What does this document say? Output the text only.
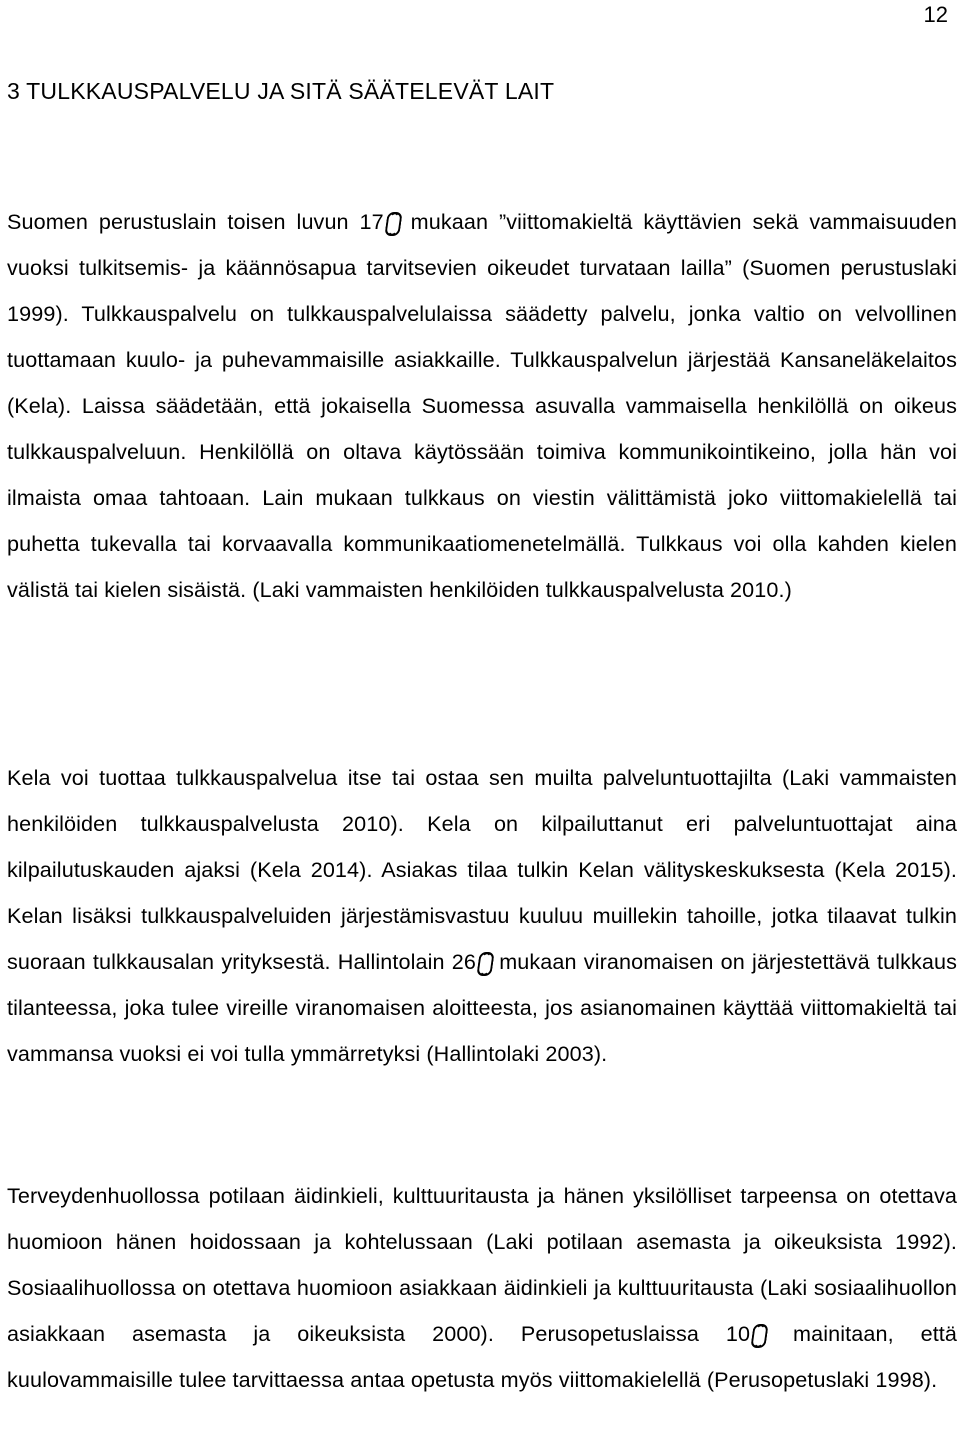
12
3 TULKKAUSPALVELU JA SITÄ SÄÄTELEVÄT LAIT

Suomen perustuslain toisen luvun 17 mukaan ”viittomakieltä käyttävien sekä vammaisuuden vuoksi tulkitsemis- ja käännösapua tarvitsevien oikeudet turvataan lailla” (Suomen perustuslaki 1999). Tulkkauspalvelu on tulkkauspalvelulaissa säädetty palvelu, jonka valtio on velvollinen tuottamaan kuulo- ja puhevammaisille asiakkaille. Tulkkauspalvelun järjestää Kansaneläkelaitos (Kela). Laissa säädetään, että jokaisella Suomessa asuvalla vammaisella henkilöllä on oikeus tulkkauspalveluun. Henkilöllä on oltava käytössään toimiva kommunikointikeino, jolla hän voi ilmaista omaa tahtoaan. Lain mukaan tulkkaus on viestin välittämistä joko viittomakielellä tai puhetta tukevalla tai korvaavalla kommunikaatiomenetelmällä. Tulkkaus voi olla kahden kielen välistä tai kielen sisäistä. (Laki vammaisten henkilöiden tulkkauspalvelusta 2010.)

Kela voi tuottaa tulkkauspalvelua itse tai ostaa sen muilta palveluntuottajilta (Laki vammaisten henkilöiden tulkkauspalvelusta 2010). Kela on kilpailuttanut eri palveluntuottajat aina kilpailutuskauden ajaksi (Kela 2014). Asiakas tilaa tulkin Kelan välityskeskuksesta (Kela 2015). Kelan lisäksi tulkkauspalveluiden järjestämisvastuu kuuluu muillekin tahoille, jotka tilaavat tulkin suoraan tulkkausalan yrityksestä. Hallintolain 26 mukaan viranomaisen on järjestettävä tulkkaus tilanteessa, joka tulee vireille viranomaisen aloitteesta, jos asianomainen käyttää viittomakieltä tai vammansa vuoksi ei voi tulla ymmärretyksi (Hallintolaki 2003).

Terveydenhuollossa potilaan äidinkieli, kulttuuritausta ja hänen yksilölliset tarpeensa on otettava huomioon hänen hoidossaan ja kohtelussaan (Laki potilaan asemasta ja oikeuksista 1992). Sosiaalihuollossa on otettava huomioon asiakkaan äidinkieli ja kulttuuritausta (Laki sosiaalihuollon asiakkaan asemasta ja oikeuksista 2000). Perusopetuslaissa 10 mainitaan, että kuulovammaisille tulee tarvittaessa antaa opetusta myös viittomakielellä (Perusopetuslaki 1998).
